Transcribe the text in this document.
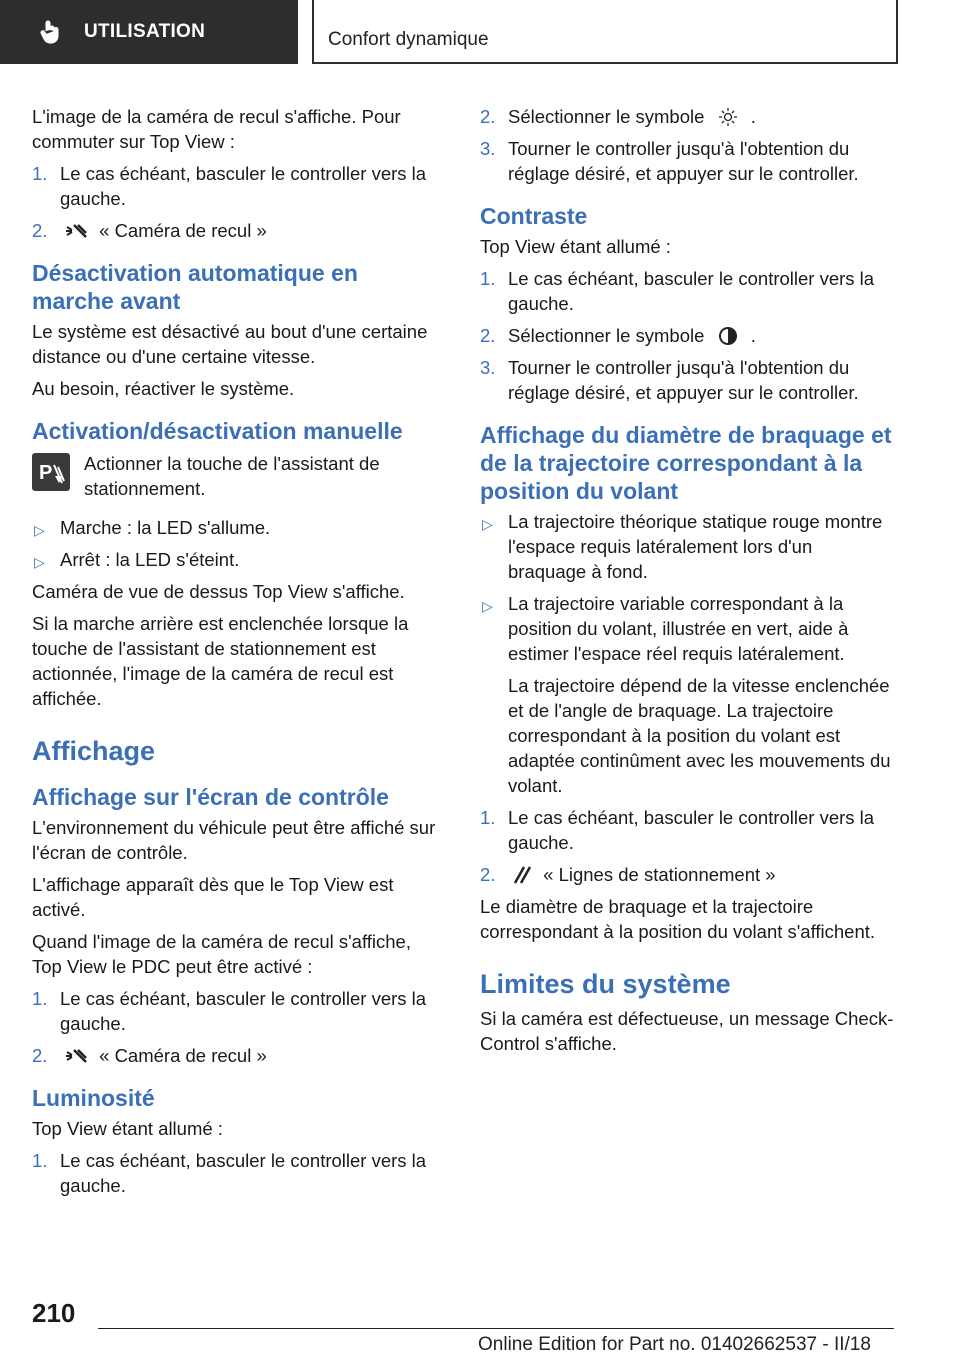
UTILISATION	Confort dynamique

L'image de la caméra de recul s'affiche. Pour commuter sur Top View :

1. Le cas échéant, basculer le controller vers la gauche.
2.	« Caméra de recul »
Désactivation automatique en marche avant

Le système est désactivé au bout d'une certaine distance ou d'une certaine vitesse.

Au besoin, réactiver le système.

Activation/désactivation manuelle
P Actionner la touche de l'assistant de stationnement.
▷ Marche : la LED s'allume.
▷ Arrêt : la LED s'éteint.

Caméra de vue de dessus Top View s'affiche.

Si la marche arrière est enclenchée lorsque la touche de l'assistant de stationnement est actionnée, l'image de la caméra de recul est affichée.

Affichage
Affichage sur l'écran de contrôle

L'environnement du véhicule peut être affiché sur l'écran de contrôle.

L'affichage apparaît dès que le Top View est activé.

Quand l'image de la caméra de recul s'affiche, Top View le PDC peut être activé :

1. Le cas échéant, basculer le controller vers la gauche.
2.	« Caméra de recul »
Luminosité

Top View étant allumé :

1. Le cas échéant, basculer le controller vers la gauche.
2. Sélectionner le symbole	.
3. Tourner le controller jusqu'à l'obtention du réglage désiré, et appuyer sur le controller.
Contraste

Top View étant allumé :

1. Le cas échéant, basculer le controller vers la gauche.
2. Sélectionner le symbole	.
3. Tourner le controller jusqu'à l'obtention du réglage désiré, et appuyer sur le controller.
Affichage du diamètre de braquage et de la trajectoire correspondant à la position du volant
▷ La trajectoire théorique statique rouge montre l'espace requis latéralement lors d'un braquage à fond.
▷ La trajectoire variable correspondant à la position du volant, illustrée en vert, aide à estimer l'espace réel requis latéralement.

La trajectoire dépend de la vitesse enclenchée et de l'angle de braquage. La trajectoire correspondant à la position du volant est adaptée continûment avec les mouvements du volant.

1. Le cas échéant, basculer le controller vers la gauche.
2.	« Lignes de stationnement »

Le diamètre de braquage et la trajectoire correspondant à la position du volant s'affichent.

Limites du système

Si la caméra est défectueuse, un message Check-Control s'affiche.

210
Online Edition for Part no. 01402662537 - II/18
